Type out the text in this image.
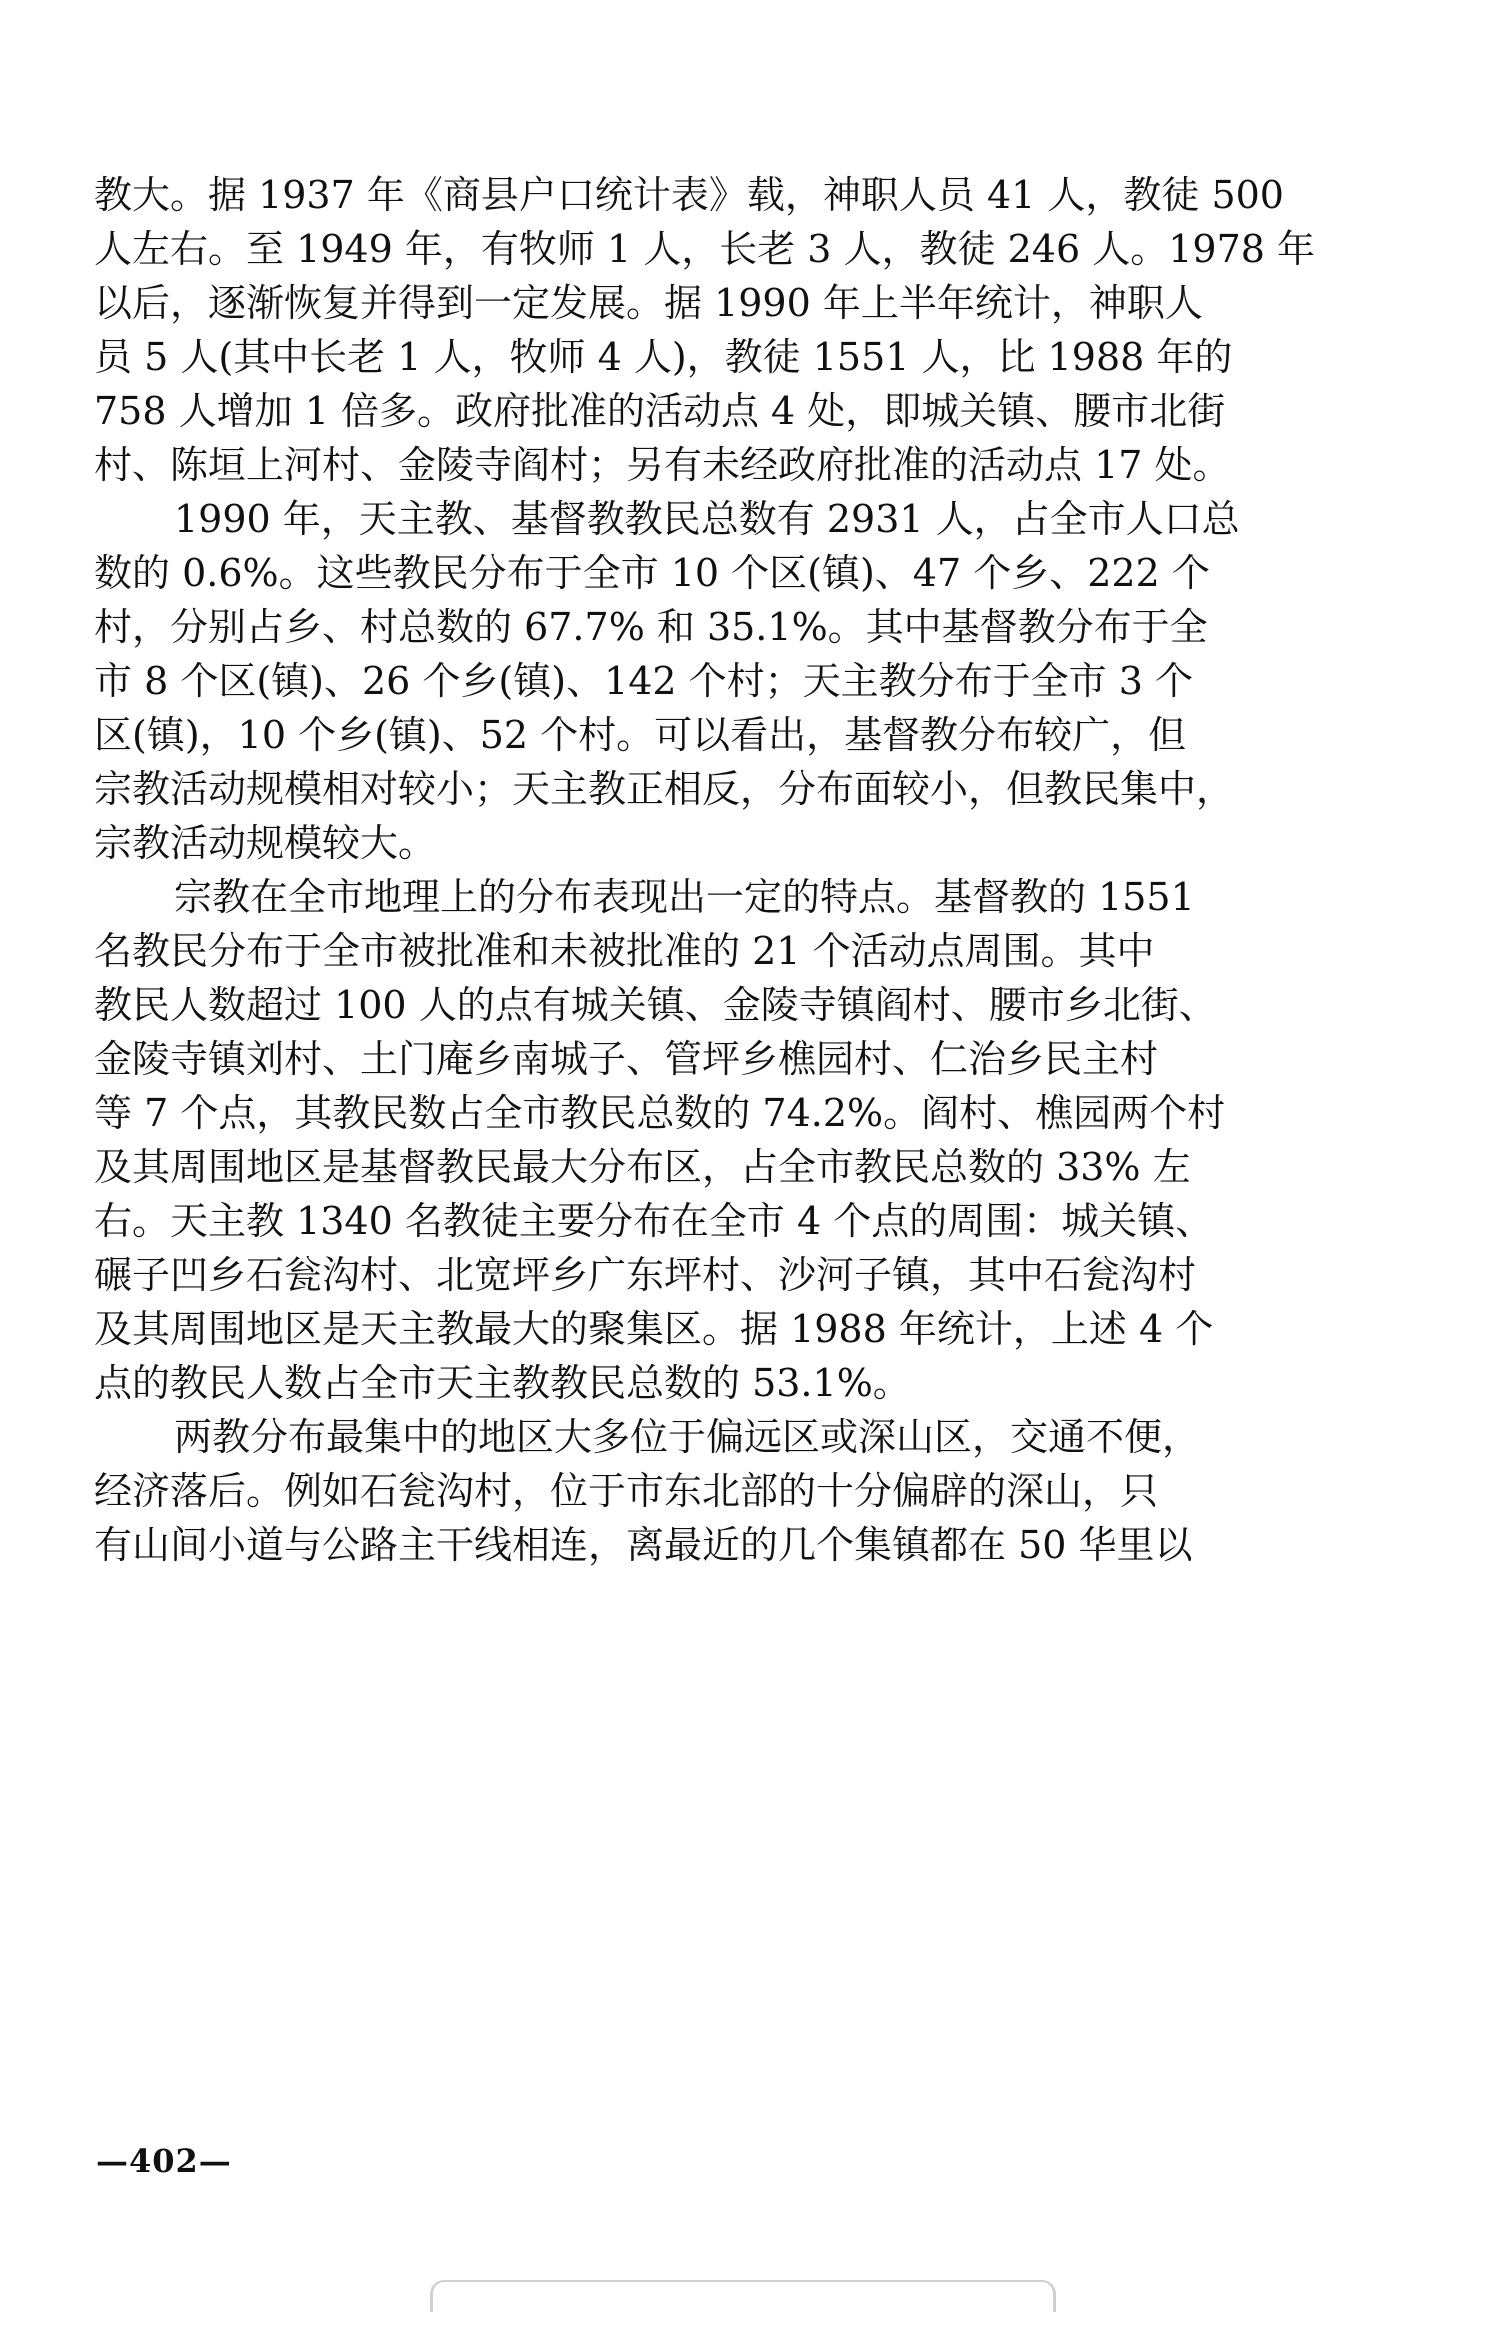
教大。据 1937 年《商县户口统计表》载，神职人员 41 人，教徒 500
人左右。至 1949 年，有牧师 1 人，长老 3 人，教徒 246 人。1978 年
以后，逐渐恢复并得到一定发展。据 1990 年上半年统计，神职人
员 5 人(其中长老 1 人，牧师 4 人)，教徒 1551 人，比 1988 年的
758 人增加 1 倍多。政府批准的活动点 4 处，即城关镇、腰市北街
村、陈垣上河村、金陵寺阎村；另有未经政府批准的活动点 17 处。
1990 年，天主教、基督教教民总数有 2931 人，占全市人口总
数的 0.6%。这些教民分布于全市 10 个区(镇)、47 个乡、222 个
村，分别占乡、村总数的 67.7% 和 35.1%。其中基督教分布于全
市 8 个区(镇)、26 个乡(镇)、142 个村；天主教分布于全市 3 个
区(镇)，10 个乡(镇)、52 个村。可以看出，基督教分布较广，但
宗教活动规模相对较小；天主教正相反，分布面较小，但教民集中，
宗教活动规模较大。
宗教在全市地理上的分布表现出一定的特点。基督教的 1551
名教民分布于全市被批准和未被批准的 21 个活动点周围。其中
教民人数超过 100 人的点有城关镇、金陵寺镇阎村、腰市乡北街、
金陵寺镇刘村、土门庵乡南城子、管坪乡樵园村、仁治乡民主村
等 7 个点，其教民数占全市教民总数的 74.2%。阎村、樵园两个村
及其周围地区是基督教民最大分布区，占全市教民总数的 33% 左
右。天主教 1340 名教徒主要分布在全市 4 个点的周围：城关镇、
碾子凹乡石瓮沟村、北宽坪乡广东坪村、沙河子镇，其中石瓮沟村
及其周围地区是天主教最大的聚集区。据 1988 年统计，上述 4 个
点的教民人数占全市天主教教民总数的 53.1%。
两教分布最集中的地区大多位于偏远区或深山区，交通不便，
经济落后。例如石瓮沟村，位于市东北部的十分偏辟的深山，只
有山间小道与公路主干线相连，离最近的几个集镇都在 50 华里以
—402—
